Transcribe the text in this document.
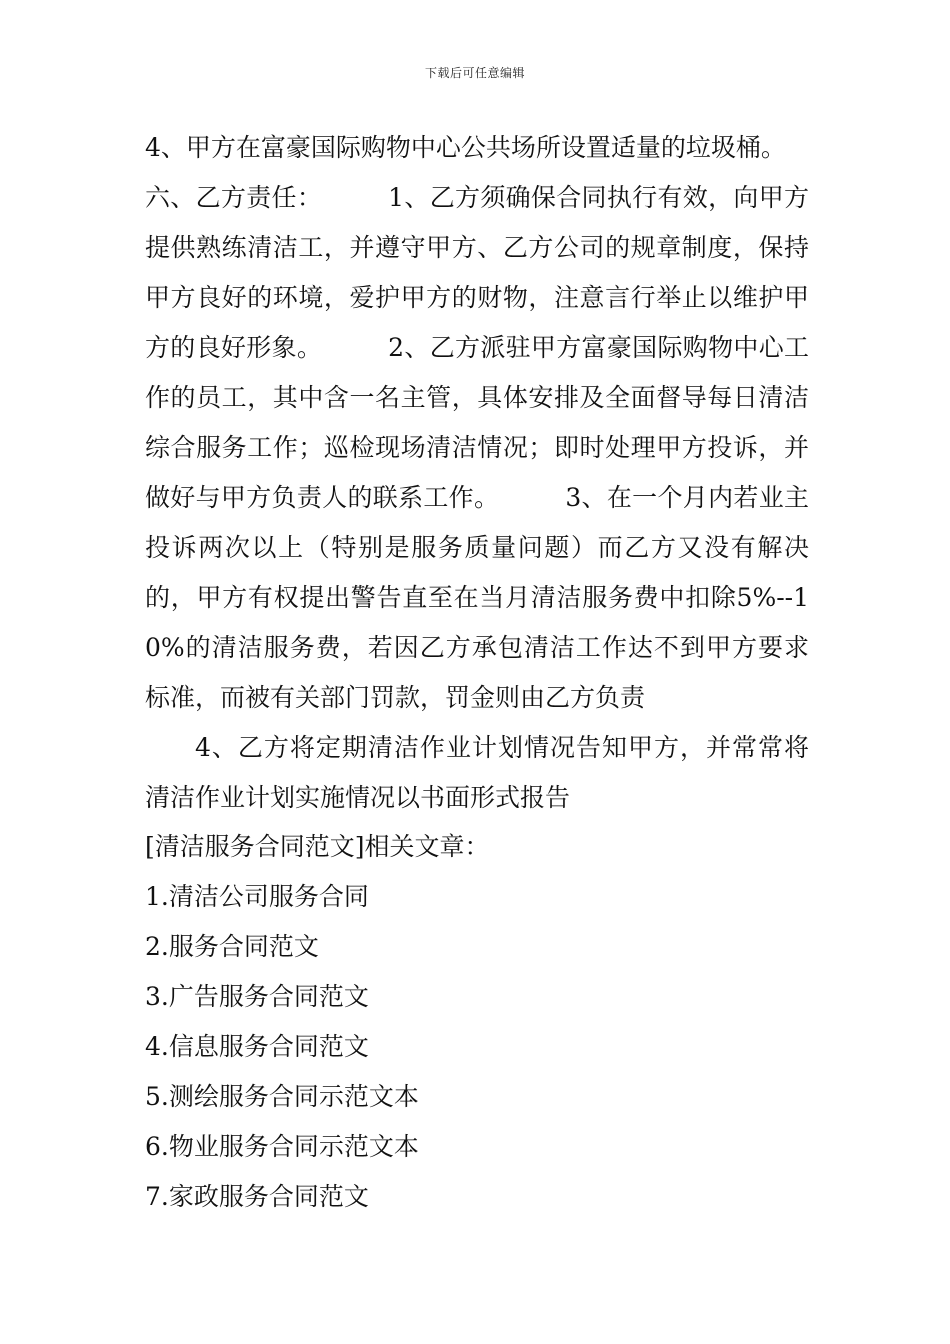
下载后可任意编辑

4、甲方在富豪国际购物中心公共场所设置适量的垃圾桶。

六、乙方责任：        1、乙方须确保合同执行有效，向甲方提供熟练清洁工，并遵守甲方、乙方公司的规章制度，保持甲方良好的环境，爱护甲方的财物，注意言行举止以维护甲方的良好形象。        2、乙方派驻甲方富豪国际购物中心工作的员工，其中含一名主管，具体安排及全面督导每日清洁综合服务工作；巡检现场清洁情况；即时处理甲方投诉，并做好与甲方负责人的联系工作。        3、在一个月内若业主投诉两次以上（特别是服务质量问题）而乙方又没有解决的，甲方有权提出警告直至在当月清洁服务费中扣除5%--10%的清洁服务费，若因乙方承包清洁工作达不到甲方要求标准，而被有关部门罚款，罚金则由乙方负责

4、乙方将定期清洁作业计划情况告知甲方，并常常将清洁作业计划实施情况以书面形式报告

[清洁服务合同范文]相关文章：

1.清洁公司服务合同
2.服务合同范文
3.广告服务合同范文
4.信息服务合同范文
5.测绘服务合同示范文本
6.物业服务合同示范文本
7.家政服务合同范文
